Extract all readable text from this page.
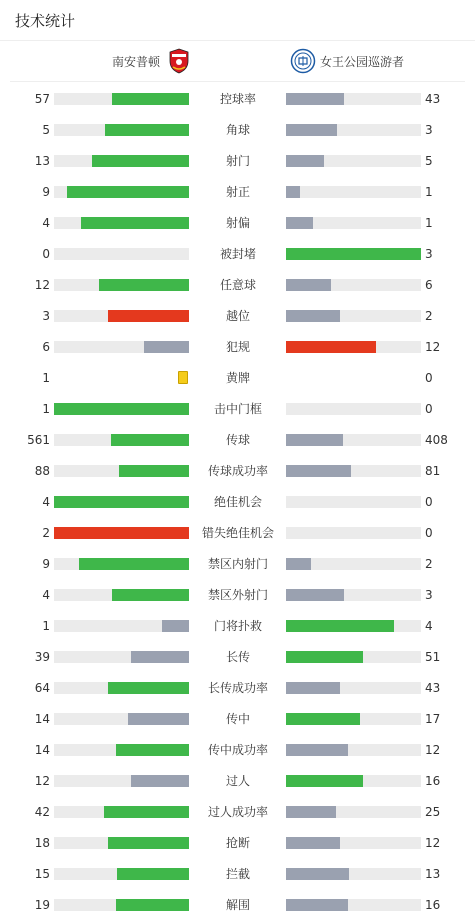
技术统计
南安普顿	女王公园巡游者
57	控球率	43
5	角球	3
13	射门	5
9	射正	1
4	射偏	1
0	被封堵	3
12	任意球	6
3	越位	2
6	犯规	12
1	黄牌	0
1	击中门框	0
561	传球	408
88	传球成功率	81
4	绝佳机会	0
2	错失绝佳机会	0
9	禁区内射门	2
4	禁区外射门	3
1	门将扑救	4
39	长传	51
64	长传成功率	43
14	传中	17
14	传中成功率	12
12	过人	16
42	过人成功率	25
18	抢断	12
15	拦截	13
19	解围	16
